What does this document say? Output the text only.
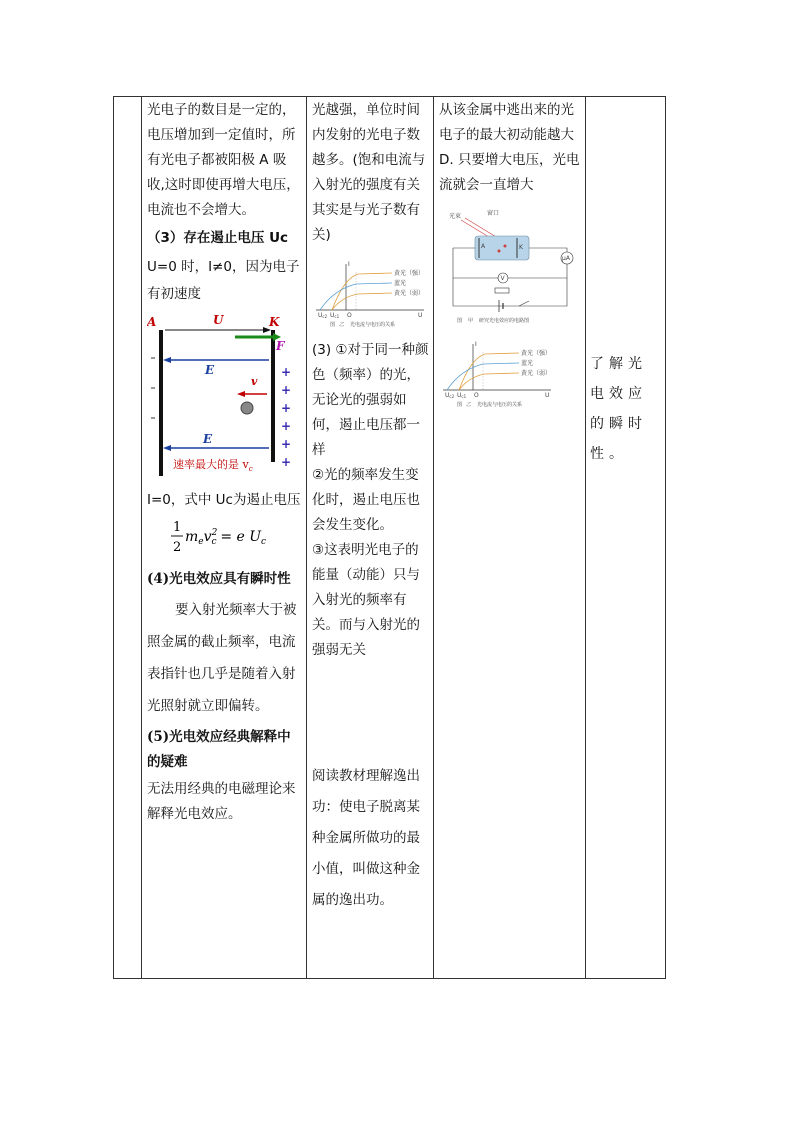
光电子的数目是一定的，电压增加到一定值时，所有光电子都被阳极 A 吸收,这时即使再增大电压，电流也不会增大。

（3）存在遏止电压 Uc

U=0 时，I≠0，因为电子有初速度

A	K
U
F
E
v
E
+
+
+
+
+
+
速率最大的是 $v_c$

I=0，式中 Uc为遏止电压

1
2
$m_ev_c2 = e$ $U_c$

(4)光电效应具有瞬时性

要入射光频率大于被照金属的截止频率，电流表指针也几乎是随着入射光照射就立即偏转。

(5)光电效应经典解释中的疑难

无法用经典的电磁理论来解释光电效应。

光越强，单位时间内发射的光电子数越多。(饱和电流与入射光的强度有关其实是与光子数有关)

I
U
O
Uc2 Uc1
黄光（强）
蓝光
黄光（弱）
图 乙 光电流与电压的关系

(3) ①对于同一种颜色（频率）的光，无论光的强弱如何，遏止电压都一样

②光的频率发生变化时，遏止电压也会发生变化。

③这表明光电子的能量（动能）只与入射光的频率有关。而与入射光的强弱无关

阅读教材理解逸出功：使电子脱离某种金属所做功的最小值，叫做这种金属的逸出功。

从该金属中逃出来的光电子的最大初动能越大

D. 只要增大电压，光电流就会一直增大

光束	窗口
A	K
μA
V
图 甲 研究光电效应的电路图
I
U
O
Uc2 Uc1
黄光（强）
蓝光
黄光（弱）
图 乙 光电流与电压的关系

了解光电效应的瞬时性。
